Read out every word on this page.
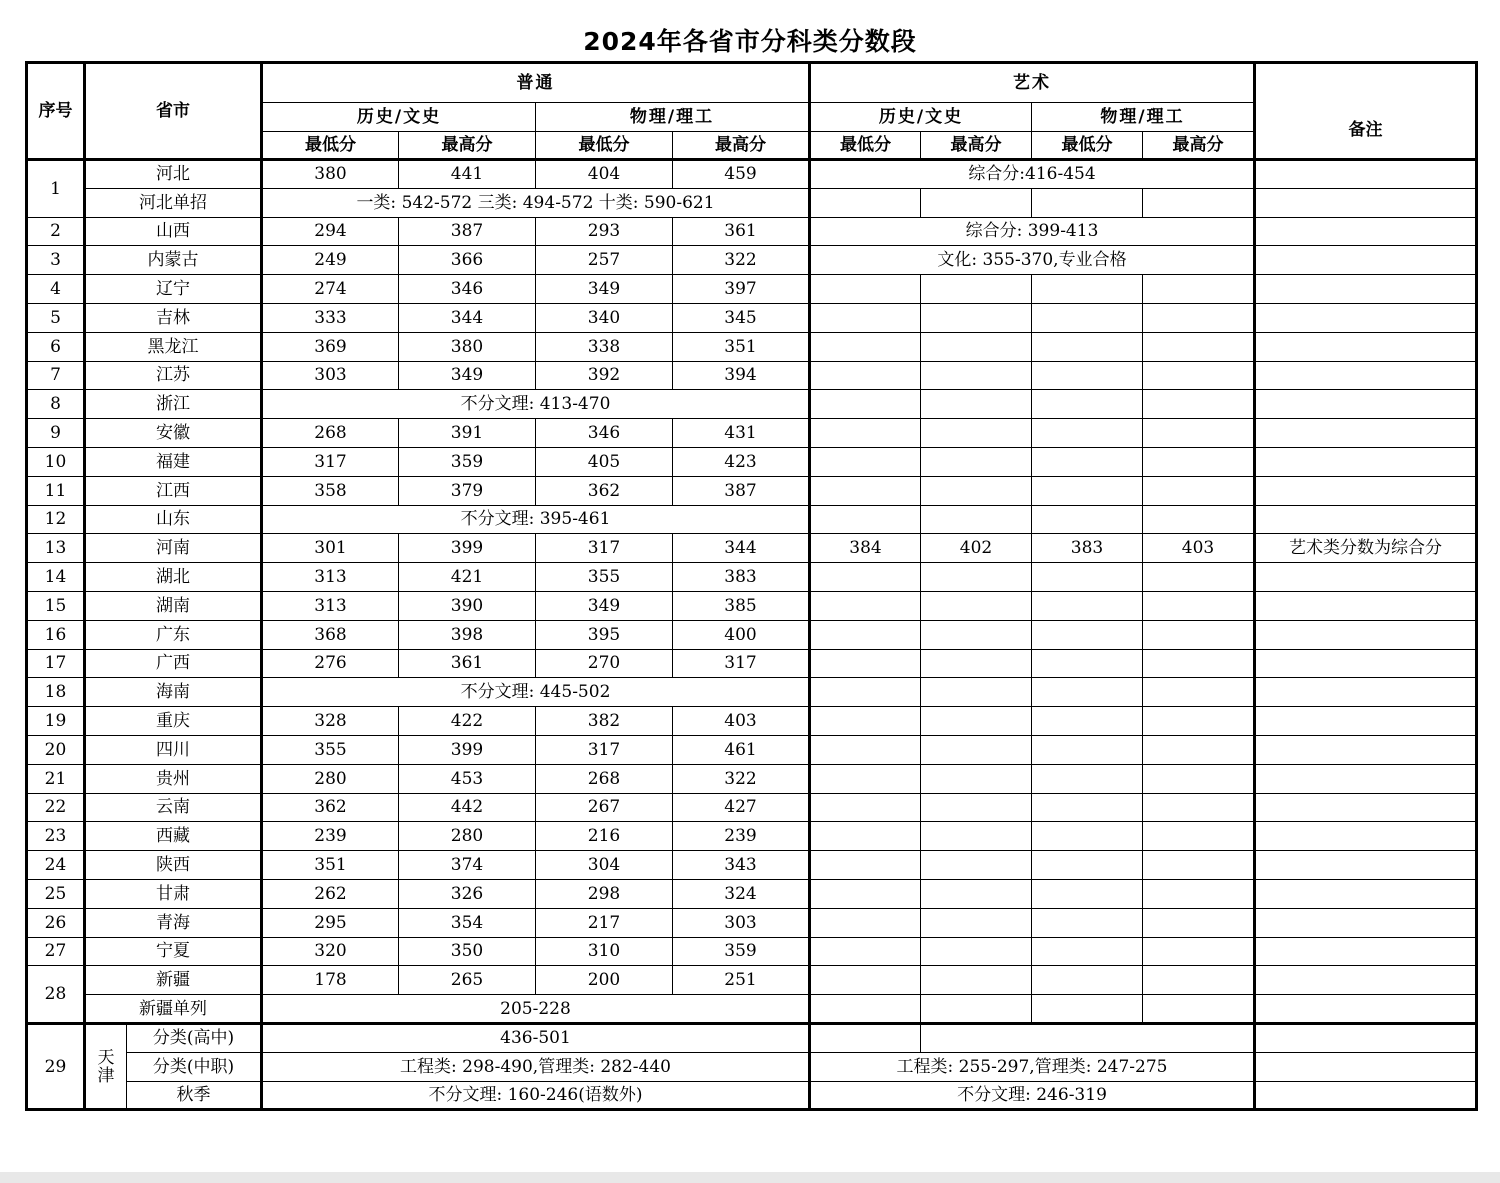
2024年各省市分科类分数段
序号	省市		普通				艺术				
			历史/文史		物理/理工		历史/文史		物理/理工		备注
			最低分	最高分	最低分	最高分	最低分	最高分	最低分	最高分	
1	河北		380	441	404	459	综合分:416-454				
	河北单招		一类: 542-572 三类: 494-572 十类: 590-621								
2	山西		294	387	293	361	综合分: 399-413				
3	内蒙古		249	366	257	322	文化: 355-370,专业合格				
4	辽宁		274	346	349	397					
5	吉林		333	344	340	345					
6	黑龙江		369	380	338	351					
7	江苏		303	349	392	394					
8	浙江		不分文理: 413-470								
9	安徽		268	391	346	431					
10	福建		317	359	405	423					
11	江西		358	379	362	387					
12	山东		不分文理: 395-461								
13	河南		301	399	317	344	384	402	383	403	艺术类分数为综合分
14	湖北		313	421	355	383					
15	湖南		313	390	349	385					
16	广东		368	398	395	400					
17	广西		276	361	270	317					
18	海南		不分文理: 445-502								
19	重庆		328	422	382	403					
20	四川		355	399	317	461					
21	贵州		280	453	268	322					
22	云南		362	442	267	427					
23	西藏		239	280	216	239					
24	陕西		351	374	304	343					
25	甘肃		262	326	298	324					
26	青海		295	354	217	303					
27	宁夏		320	350	310	359					
28	新疆		178	265	200	251					
	新疆单列		205-228								
29	天津	分类(高中)	436-501								
		分类(中职)	工程类: 298-490,管理类: 282-440				工程类: 255-297,管理类: 247-275				
		秋季	不分文理: 160-246(语数外)				不分文理: 246-319				
